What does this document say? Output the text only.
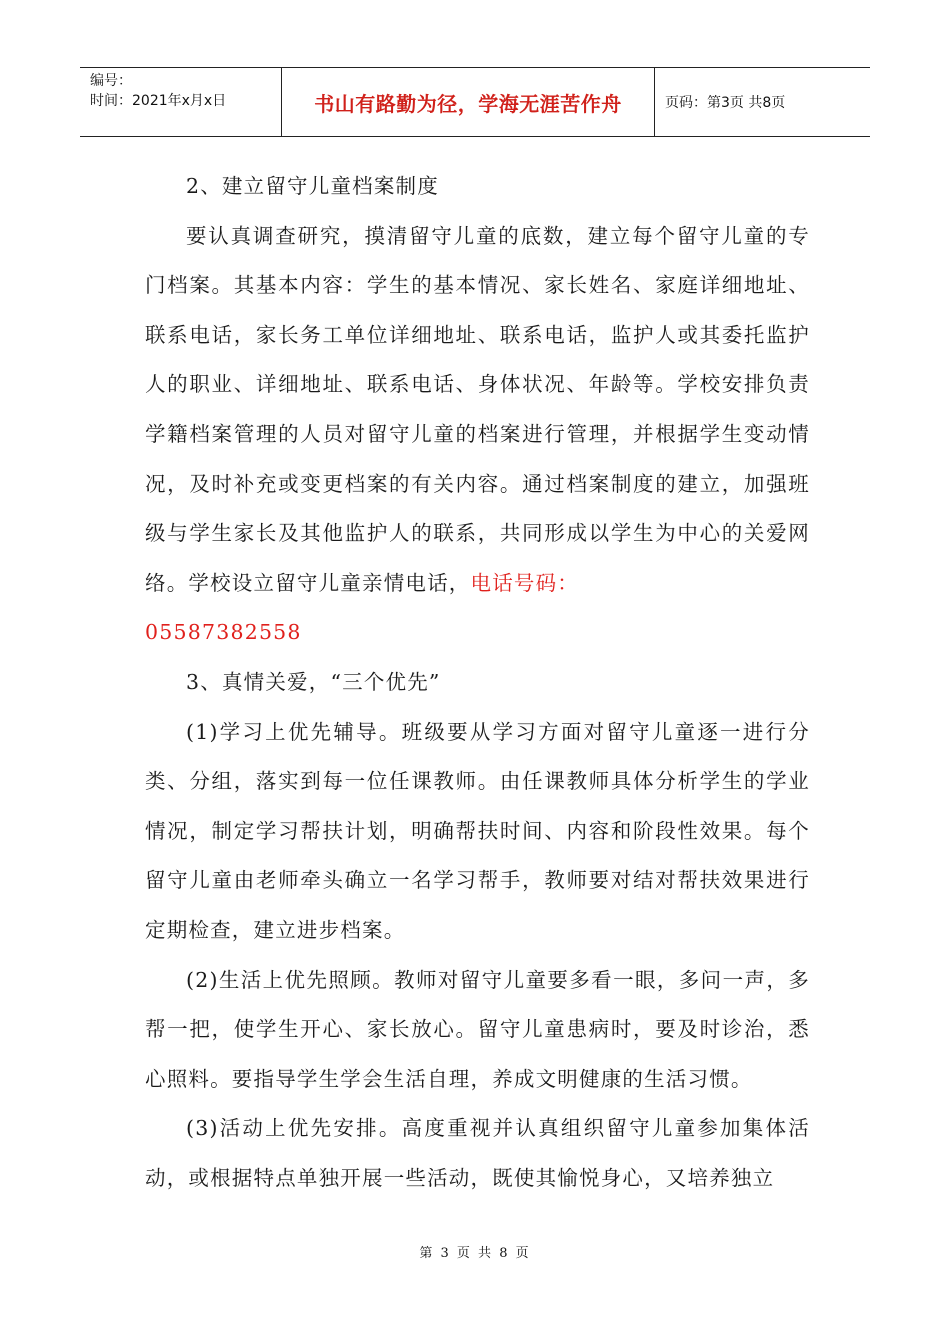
编号：
时间：2021年x月x日	书山有路勤为径，学海无涯苦作舟	页码：第3页 共8页

2、建立留守儿童档案制度

要认真调查研究，摸清留守儿童的底数，建立每个留守儿童的专门档案。其基本内容：学生的基本情况、家长姓名、家庭详细地址、联系电话，家长务工单位详细地址、联系电话，监护人或其委托监护人的职业、详细地址、联系电话、身体状况、年龄等。学校安排负责学籍档案管理的人员对留守儿童的档案进行管理，并根据学生变动情况，及时补充或变更档案的有关内容。通过档案制度的建立，加强班级与学生家长及其他监护人的联系，共同形成以学生为中心的关爱网络。学校设立留守儿童亲情电话，电话号码：

05587382558

3、真情关爱，“三个优先”

(1)学习上优先辅导。班级要从学习方面对留守儿童逐一进行分类、分组，落实到每一位任课教师。由任课教师具体分析学生的学业情况，制定学习帮扶计划，明确帮扶时间、内容和阶段性效果。每个留守儿童由老师牵头确立一名学习帮手，教师要对结对帮扶效果进行定期检查，建立进步档案。

(2)生活上优先照顾。教师对留守儿童要多看一眼，多问一声，多帮一把，使学生开心、家长放心。留守儿童患病时，要及时诊治，悉心照料。要指导学生学会生活自理，养成文明健康的生活习惯。

(3)活动上优先安排。高度重视并认真组织留守儿童参加集体活动，或根据特点单独开展一些活动，既使其愉悦身心，又培养独立

第 3 页 共 8 页
